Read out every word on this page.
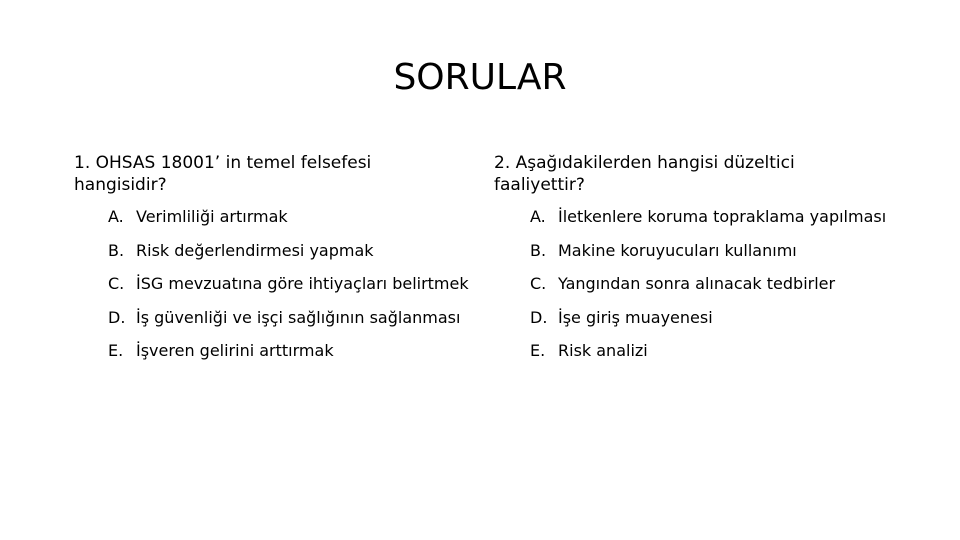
SORULAR

1. OHSAS 18001’ in temel felsefesi hangisidir?

A. Verimliliği artırmak
B. Risk değerlendirmesi yapmak
C. İSG mevzuatına göre ihtiyaçları belirtmek
D. İş güvenliği ve işçi sağlığının sağlanması
E. İşveren gelirini arttırmak

2. Aşağıdakilerden hangisi düzeltici faaliyettir?

A. İletkenlere koruma topraklama yapılması
B. Makine koruyucuları kullanımı
C. Yangından sonra alınacak tedbirler
D. İşe giriş muayenesi
E. Risk analizi
